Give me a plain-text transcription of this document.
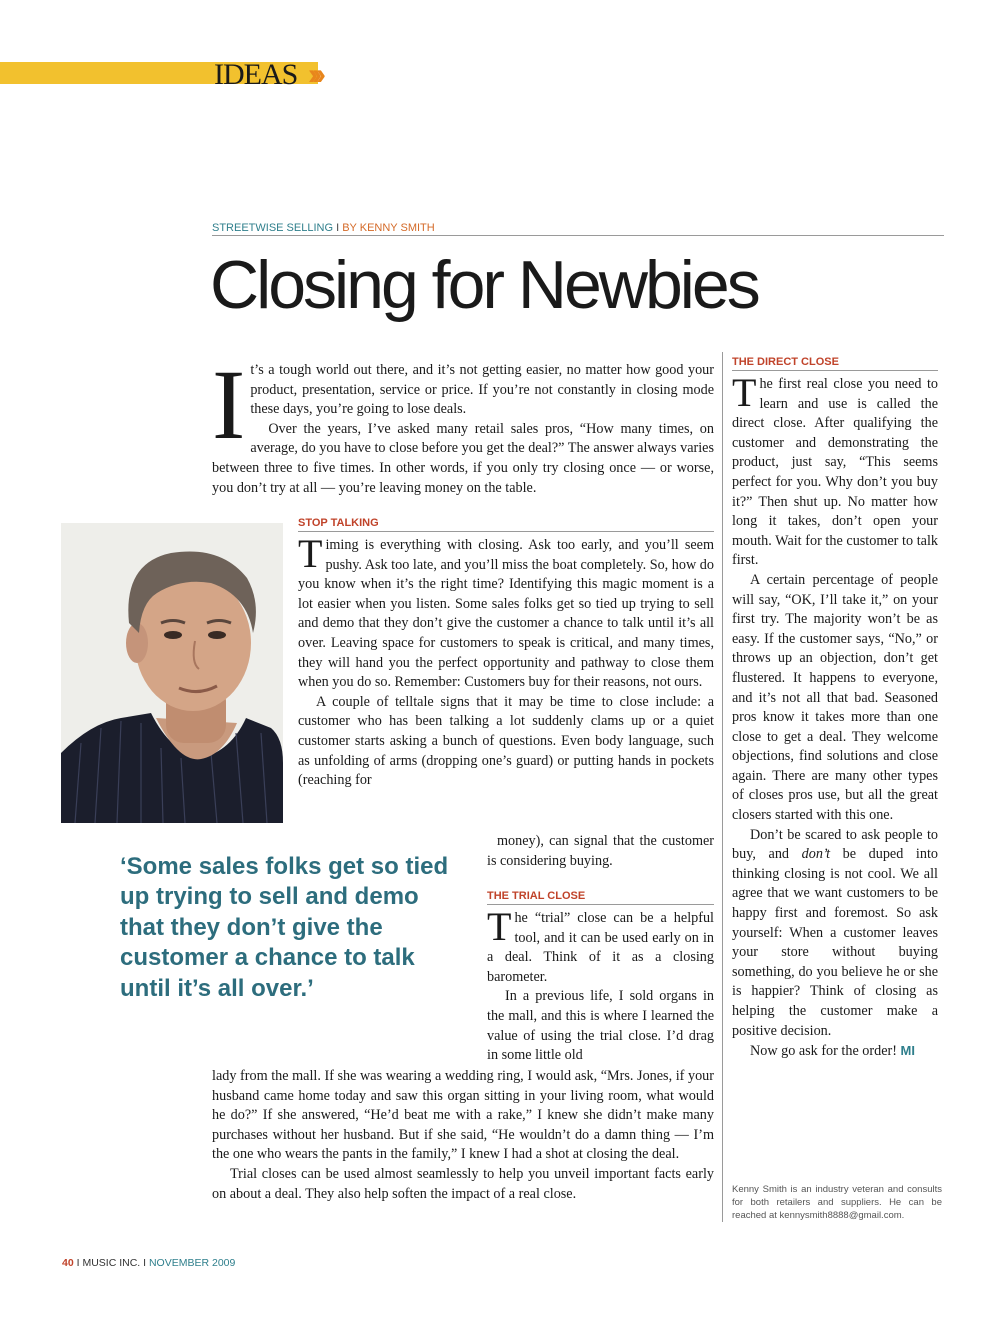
IDEAS ›››
STREETWISE SELLING I BY KENNY SMITH
Closing for Newbies
I t’s a tough world out there, and it’s not getting easier, no matter how good your product, presentation, service or price. If you’re not constantly in closing mode these days, you’re going to lose deals.

Over the years, I’ve asked many retail sales pros, “How many times, on average, do you have to close before you get the deal?” The answer always varies between three to five times. In other words, if you only try closing once — or worse, you don’t try at all — you’re leaving money on the table.

STOP TALKING
T iming is everything with closing. Ask too early, and you’ll seem pushy. Ask too late, and you’ll miss the boat completely. So, how do you know when it’s the right time? Identifying this magic moment is a lot easier when you listen. Some sales folks get so tied up trying to sell and demo that they don’t give the customer a chance to talk until it’s all over. Leaving space for customers to speak is critical, and many times, they will hand you the perfect opportunity and pathway to close them when you do so. Remember: Customers buy for their reasons, not ours.

A couple of telltale signs that it may be time to close include: a customer who has been talking a lot suddenly clams up or a quiet customer starts asking a bunch of questions. Even body language, such as unfolding of arms (dropping one’s guard) or putting hands in pockets (reaching for

money), can signal that the customer is considering buying.

‘Some sales folks get so tied up trying to sell and demo that they don’t give the customer a chance to talk until it’s all over.’

THE TRIAL CLOSE
T he “trial” close can be a helpful tool, and it can be used early on in a deal. Think of it as a closing barometer.

In a previous life, I sold organs in the mall, and this is where I learned the value of using the trial close. I’d drag in some little old

lady from the mall. If she was wearing a wedding ring, I would ask, “Mrs. Jones, if your husband came home today and saw this organ sitting in your living room, what would he do?” If she answered, “He’d beat me with a rake,” I knew she didn’t make many purchases without her husband. But if she said, “He wouldn’t do a damn thing — I’m the one who wears the pants in the family,” I knew I had a shot at closing the deal.

Trial closes can be used almost seamlessly to help you unveil important facts early on about a deal. They also help soften the impact of a real close.

THE DIRECT CLOSE
T he first real close you need to learn and use is called the direct close. After qualifying the customer and demonstrating the product, just say, “This seems perfect for you. Why don’t you buy it?” Then shut up. No matter how long it takes, don’t open your mouth. Wait for the customer to talk first.

A certain percentage of people will say, “OK, I’ll take it,” on your first try. The majority won’t be as easy. If the customer says, “No,” or throws up an objection, don’t get flustered. It happens to everyone, and it’s not all that bad. Seasoned pros know it takes more than one close to get a deal. They welcome objections, find solutions and close again. There are many other types of closes pros use, but all the great closers started with this one.

Don’t be scared to ask people to buy, and don’t be duped into thinking closing is not cool. We all agree that we want customers to be happy first and foremost. So ask yourself: When a customer leaves your store without buying something, do you believe he or she is happier? Think of closing as helping the customer make a positive decision.

Now go ask for the order! MI

Kenny Smith is an industry veteran and consults for both retailers and suppliers. He can be reached at kennysmith8888@gmail.com.

40 I MUSIC INC. I NOVEMBER 2009
